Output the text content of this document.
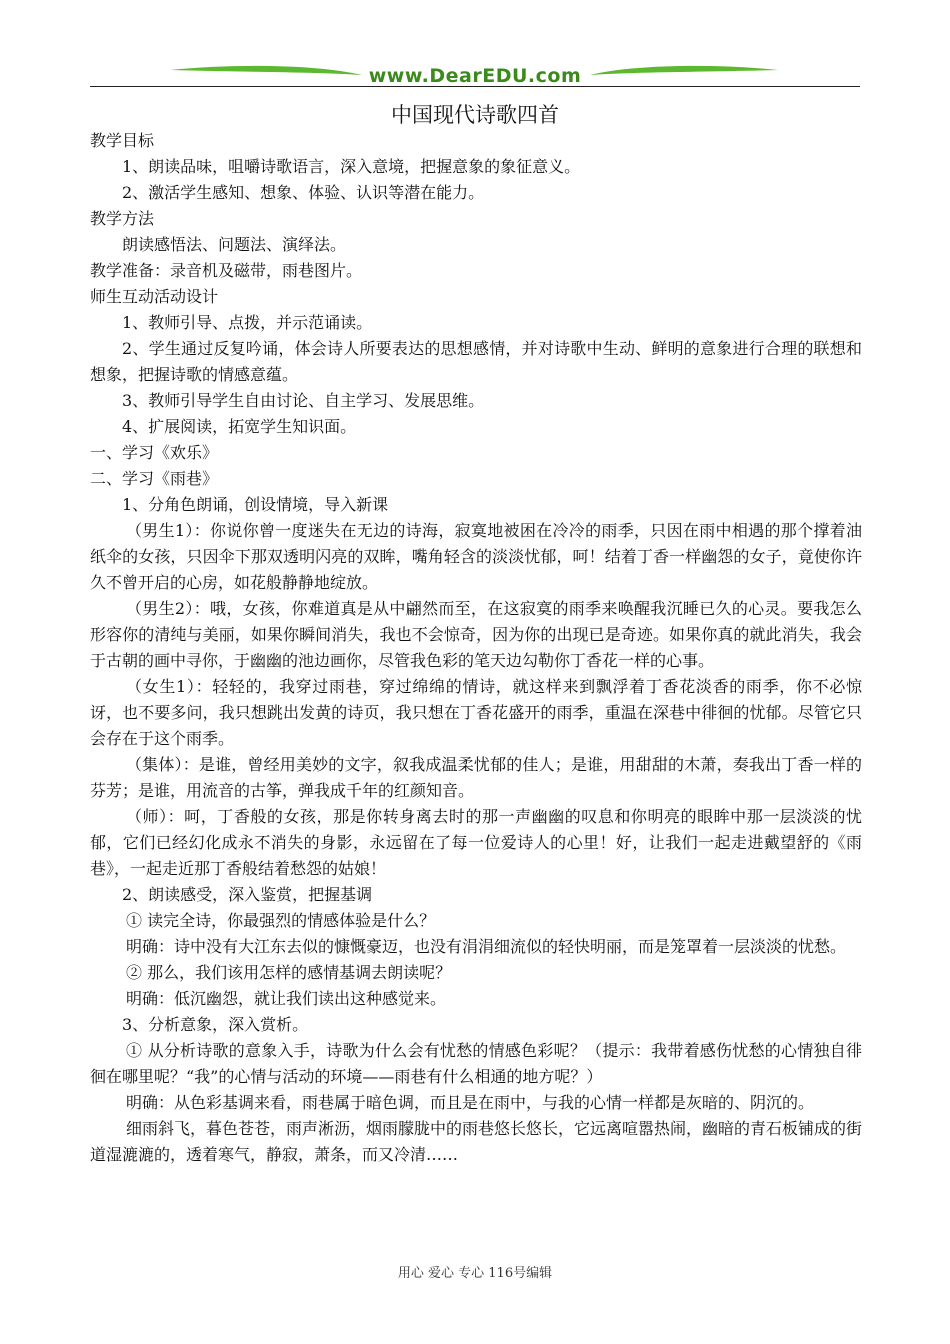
www.DearEDU.com
中国现代诗歌四首

教学目标

1、朗读品味，咀嚼诗歌语言，深入意境，把握意象的象征意义。

2、激活学生感知、想象、体验、认识等潜在能力。

教学方法

朗读感悟法、问题法、演绎法。

教学准备：录音机及磁带，雨巷图片。

师生互动活动设计

1、教师引导、点拨，并示范诵读。

2、学生通过反复吟诵，体会诗人所要表达的思想感情，并对诗歌中生动、鲜明的意象进行合理的联想和想象，把握诗歌的情感意蕴。

3、教师引导学生自由讨论、自主学习、发展思维。

4、扩展阅读，拓宽学生知识面。

一、学习《欢乐》

二、学习《雨巷》

1、分角色朗诵，创设情境，导入新课

（男生1）：你说你曾一度迷失在无边的诗海，寂寞地被困在冷冷的雨季，只因在雨中相遇的那个撑着油纸伞的女孩，只因伞下那双透明闪亮的双眸，嘴角轻含的淡淡忧郁，呵！结着丁香一样幽怨的女子，竟使你许久不曾开启的心房，如花般静静地绽放。

（男生2）：哦，女孩，你难道真是从中翩然而至，在这寂寞的雨季来唤醒我沉睡已久的心灵。要我怎么形容你的清纯与美丽，如果你瞬间消失，我也不会惊奇，因为你的出现已是奇迹。如果你真的就此消失，我会于古朝的画中寻你，于幽幽的池边画你，尽管我色彩的笔天边勾勒你丁香花一样的心事。

（女生1）：轻轻的，我穿过雨巷，穿过绵绵的情诗，就这样来到飘浮着丁香花淡香的雨季，你不必惊讶，也不要多问，我只想跳出发黄的诗页，我只想在丁香花盛开的雨季，重温在深巷中徘徊的忧郁。尽管它只会存在于这个雨季。

（集体）：是谁，曾经用美妙的文字，叙我成温柔忧郁的佳人；是谁，用甜甜的木萧，奏我出丁香一样的芬芳；是谁，用流音的古筝，弹我成千年的红颜知音。

（师）：呵，丁香般的女孩，那是你转身离去时的那一声幽幽的叹息和你明亮的眼眸中那一层淡淡的忧郁，它们已经幻化成永不消失的身影，永远留在了每一位爱诗人的心里！好，让我们一起走进戴望舒的《雨巷》，一起走近那丁香般结着愁怨的姑娘！

2、朗读感受，深入鉴赏，把握基调

① 读完全诗，你最强烈的情感体验是什么？

明确：诗中没有大江东去似的慷慨豪迈，也没有涓涓细流似的轻快明丽，而是笼罩着一层淡淡的忧愁。

② 那么，我们该用怎样的感情基调去朗读呢？

明确：低沉幽怨，就让我们读出这种感觉来。

3、分析意象，深入赏析。

① 从分析诗歌的意象入手，诗歌为什么会有忧愁的情感色彩呢？（提示：我带着感伤忧愁的心情独自徘徊在哪里呢？“我”的心情与活动的环境——雨巷有什么相通的地方呢？）

明确：从色彩基调来看，雨巷属于暗色调，而且是在雨中，与我的心情一样都是灰暗的、阴沉的。

细雨斜飞，暮色苍苍，雨声淅沥，烟雨朦胧中的雨巷悠长悠长，它远离喧嚣热闹，幽暗的青石板铺成的街道湿漉漉的，透着寒气，静寂，萧条，而又冷清……

用心 爱心 专心 116号编辑
